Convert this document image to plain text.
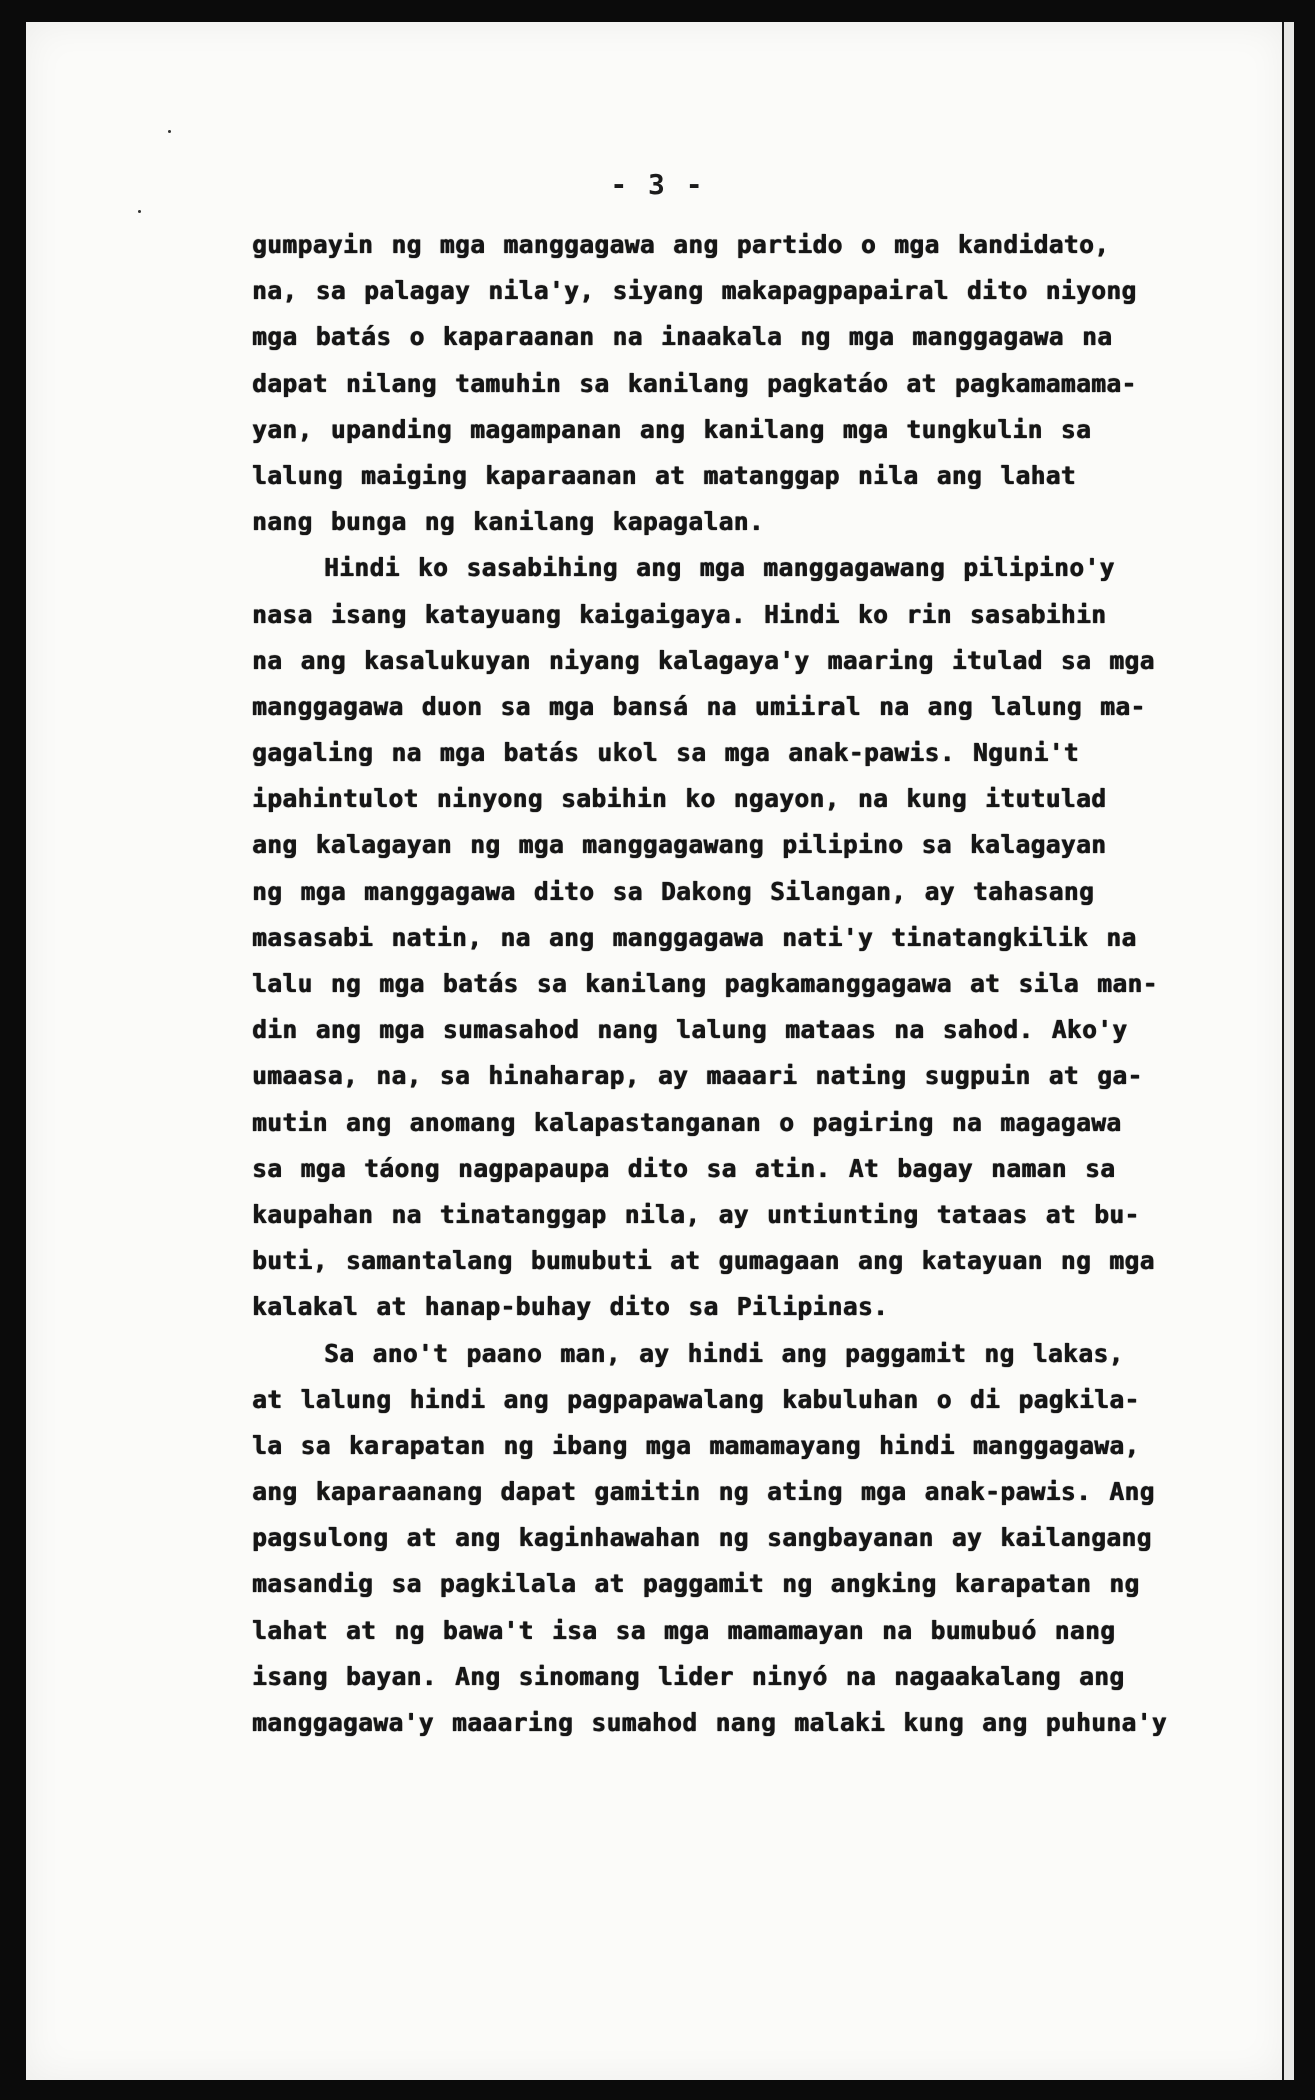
- 3 -
gumpayin ng mga manggagawa ang partido o mga kandidato,
na, sa palagay nila'y, siyang makapagpapairal dito niyong
mga batás o kaparaanan na inaakala ng mga manggagawa na
dapat nilang tamuhin sa kanilang pagkatáo at pagkamamama-
yan, upanding magampanan ang kanilang mga tungkulin sa
lalung maiging kaparaanan at matanggap nila ang lahat
nang bunga ng kanilang kapagalan.
Hindi ko sasabihing ang mga manggagawang pilipino'y
nasa isang katayuang kaigaigaya. Hindi ko rin sasabihin
na ang kasalukuyan niyang kalagaya'y maaring itulad sa mga
manggagawa duon sa mga bansá na umiiral na ang lalung ma-
gagaling na mga batás ukol sa mga anak-pawis. Nguni't
ipahintulot ninyong sabihin ko ngayon, na kung itutulad
ang kalagayan ng mga manggagawang pilipino sa kalagayan
ng mga manggagawa dito sa Dakong Silangan, ay tahasang
masasabi natin, na ang manggagawa nati'y tinatangkilik na
lalu ng mga batás sa kanilang pagkamanggagawa at sila man-
din ang mga sumasahod nang lalung mataas na sahod. Ako'y
umaasa, na, sa hinaharap, ay maaari nating sugpuin at ga-
mutin ang anomang kalapastanganan o pagiring na magagawa
sa mga táong nagpapaupa dito sa atin. At bagay naman sa
kaupahan na tinatanggap nila, ay untiunting tataas at bu-
buti, samantalang bumubuti at gumagaan ang katayuan ng mga
kalakal at hanap-buhay dito sa Pilipinas.
Sa ano't paano man, ay hindi ang paggamit ng lakas,
at lalung hindi ang pagpapawalang kabuluhan o di pagkila-
la sa karapatan ng ibang mga mamamayang hindi manggagawa,
ang kaparaanang dapat gamitin ng ating mga anak-pawis. Ang
pagsulong at ang kaginhawahan ng sangbayanan ay kailangang
masandig sa pagkilala at paggamit ng angking karapatan ng
lahat at ng bawa't isa sa mga mamamayan na bumubuó nang
isang bayan. Ang sinomang lider ninyó na nagaakalang ang
manggagawa'y maaaring sumahod nang malaki kung ang puhuna'y
